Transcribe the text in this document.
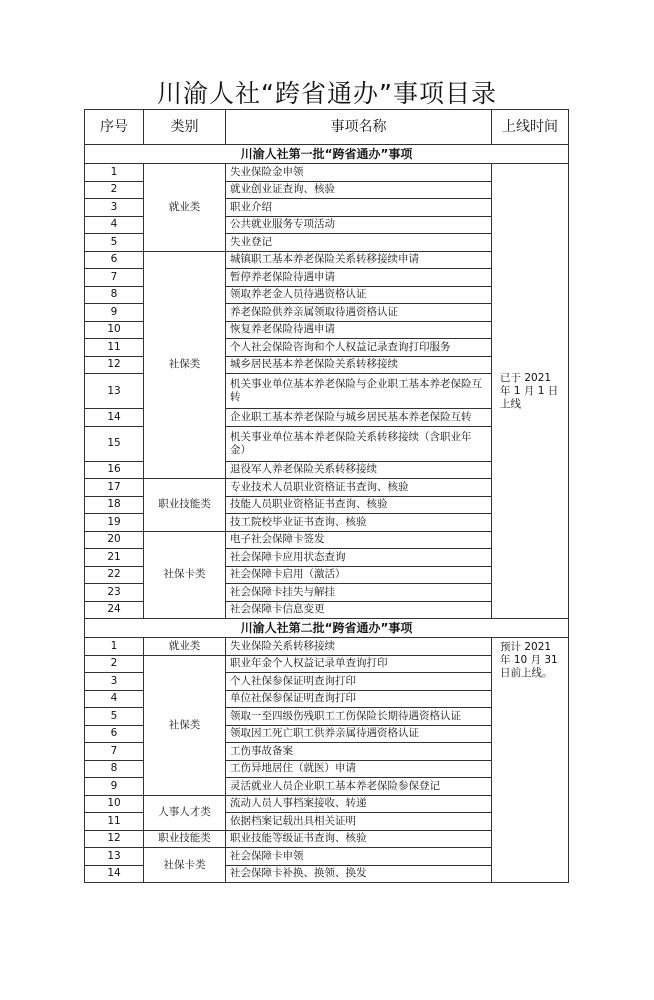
川渝人社“跨省通办”事项目录
序号	类别	事项名称	上线时间
川渝人社第一批“跨省通办”事项			
1	就业类	失业保险金申领	已于 2021 年 1 月 1 日上线
2		就业创业证查询、核验	
3		职业介绍	
4		公共就业服务专项活动	
5		失业登记	
6	社保类	城镇职工基本养老保险关系转移接续申请	
7		暂停养老保险待遇申请	
8		领取养老金人员待遇资格认证	
9		养老保险供养亲属领取待遇资格认证	
10		恢复养老保险待遇申请	
11		个人社会保险咨询和个人权益记录查询打印服务	
12		城乡居民基本养老保险关系转移接续	
13		机关事业单位基本养老保险与企业职工基本养老保险互转	
14		企业职工基本养老保险与城乡居民基本养老保险互转	
15		机关事业单位基本养老保险关系转移接续（含职业年金）	
16		退役军人养老保险关系转移接续	
17	职业技能类	专业技术人员职业资格证书查询、核验	
18		技能人员职业资格证书查询、核验	
19		技工院校毕业证书查询、核验	
20	社保卡类	电子社会保障卡签发	
21		社会保障卡应用状态查询	
22		社会保障卡启用（激活）	
23		社会保障卡挂失与解挂	
24		社会保障卡信息变更	
川渝人社第二批“跨省通办”事项			
1	就业类	失业保险关系转移接续	预计 2021 年 10 月 31 日前上线。
2	社保类	职业年金个人权益记录单查询打印	
3		个人社保参保证明查询打印	
4		单位社保参保证明查询打印	
5		领取一至四级伤残职工工伤保险长期待遇资格认证	
6		领取因工死亡职工供养亲属待遇资格认证	
7		工伤事故备案	
8		工伤异地居住（就医）申请	
9		灵活就业人员企业职工基本养老保险参保登记	
10	人事人才类	流动人员人事档案接收、转递	
11		依据档案记载出具相关证明	
12	职业技能类	职业技能等级证书查询、核验	
13	社保卡类	社会保障卡申领	
14		社会保障卡补换、换领、换发	
